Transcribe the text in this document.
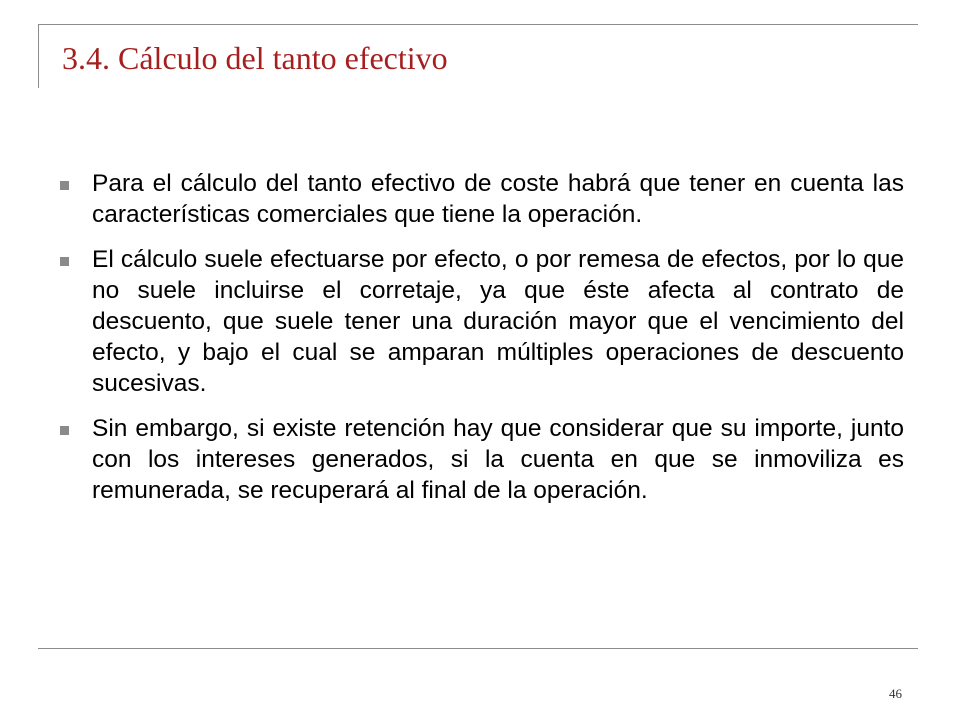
3.4. Cálculo del tanto efectivo
Para el cálculo del tanto efectivo de coste habrá que tener en cuenta las características comerciales que tiene la operación.
El cálculo suele efectuarse por efecto, o por remesa de efectos, por lo que no suele incluirse el corretaje, ya que éste afecta al contrato de descuento, que suele tener una duración mayor que el vencimiento del efecto, y bajo el cual se amparan múltiples operaciones de descuento sucesivas.
Sin embargo, si existe retención hay que considerar que su importe, junto con los intereses generados, si la cuenta en que se inmoviliza es remunerada, se recuperará al final de la operación.
46
